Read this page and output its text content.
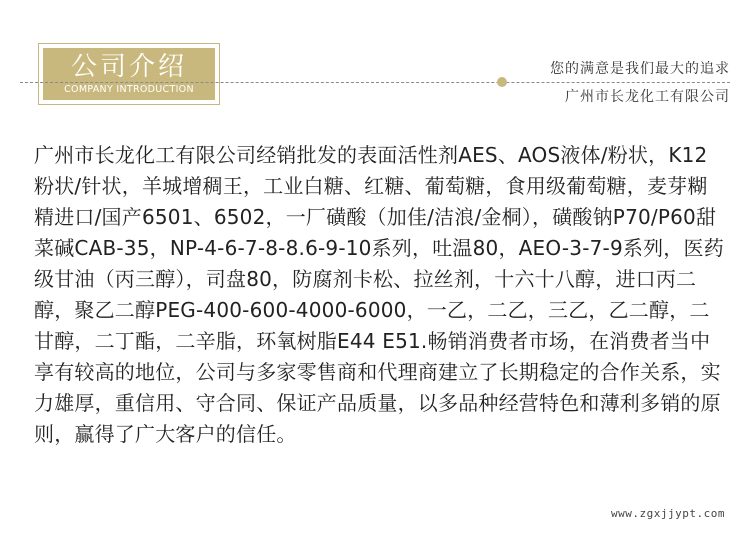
公司介绍
COMPANY INTRODUCTION
您的满意是我们最大的追求
广州市长龙化工有限公司

广州市长龙化工有限公司经销批发的表面活性剂AES、AOS液体/粉状，K12粉状/针状，羊城增稠王，工业白糖、红糖、葡萄糖，食用级葡萄糖，麦芽糊精进口/国产6501、6502，一厂磺酸（加佳/洁浪/金桐），磺酸钠P70/P60甜菜碱CAB-35，NP-4-6-7-8-8.6-9-10系列，吐温80，AEO-3-7-9系列，医药级甘油（丙三醇），司盘80，防腐剂卡松、拉丝剂，十六十八醇，进口丙二醇，聚乙二醇PEG-400-600-4000-6000，一乙，二乙，三乙，乙二醇，二甘醇，二丁酯，二辛脂，环氧树脂E44 E51.畅销消费者市场，在消费者当中享有较高的地位，公司与多家零售商和代理商建立了长期稳定的合作关系，实力雄厚，重信用、守合同、保证产品质量，以多品种经营特色和薄利多销的原则，赢得了广大客户的信任。

www.zgxjjypt.com
